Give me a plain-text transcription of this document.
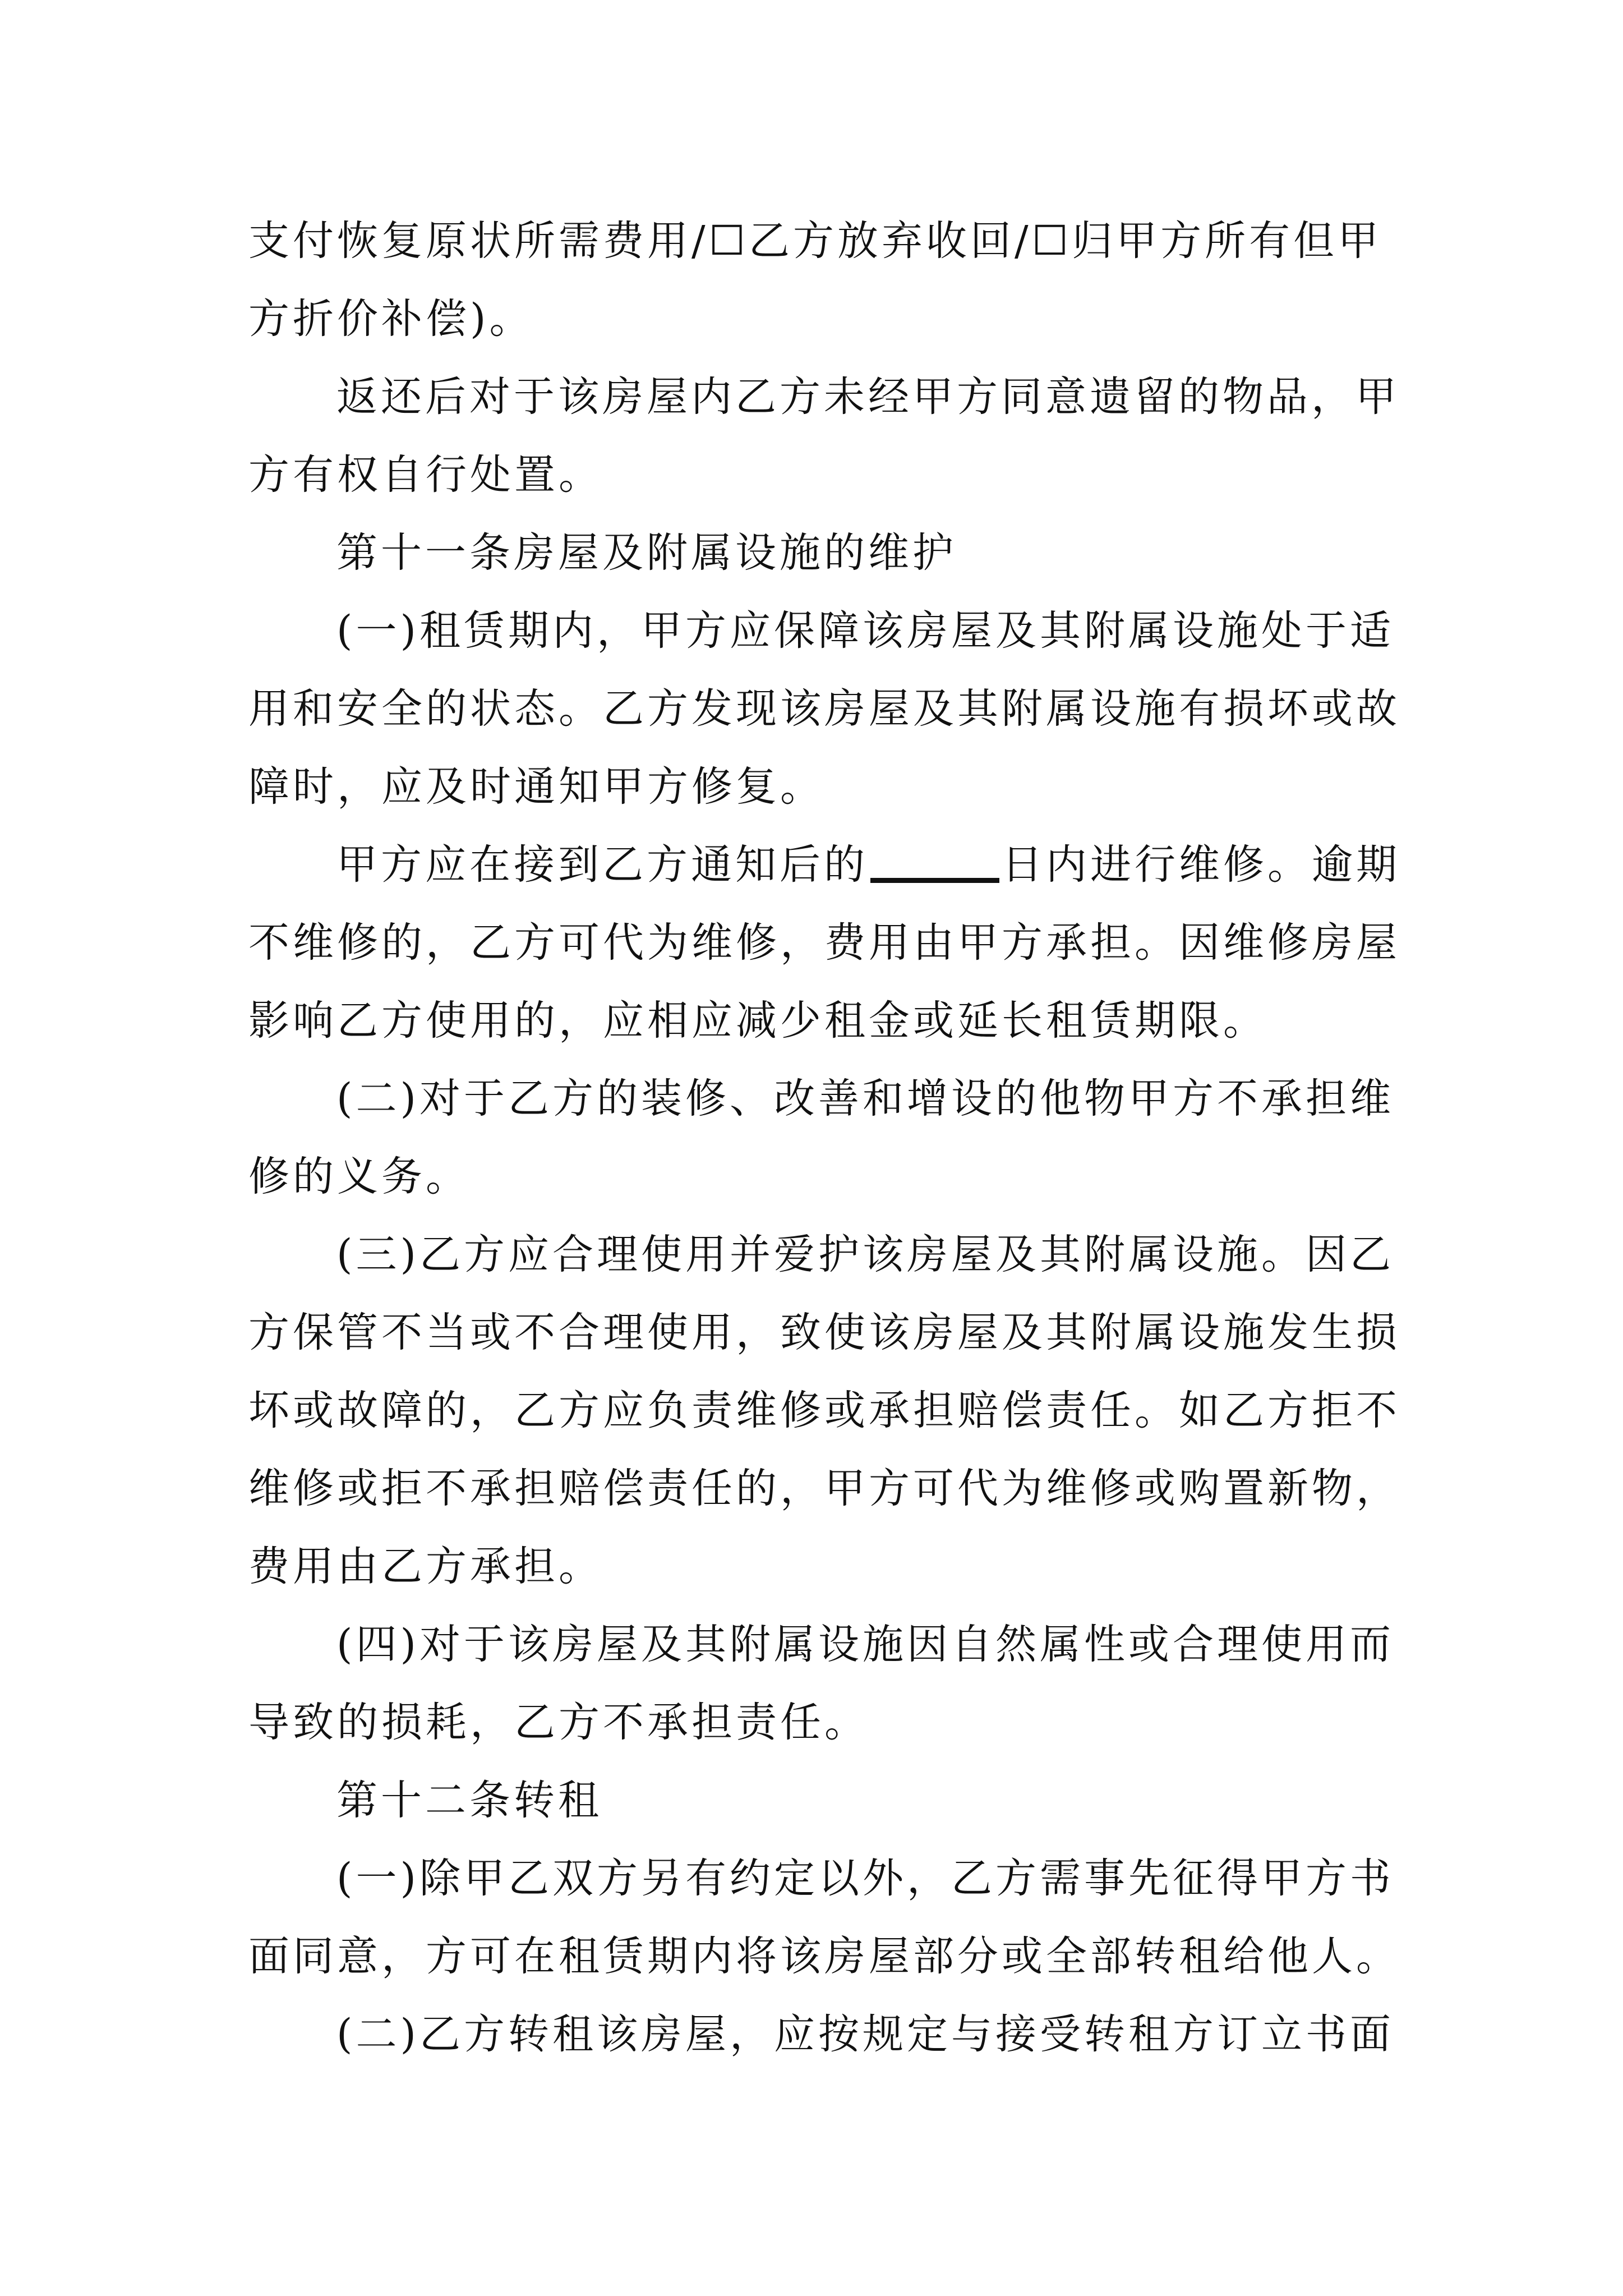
支付恢复原状所需费用/☐乙方放弃收回/☐归甲方所有但甲
方折价补偿)。
返还后对于该房屋内乙方未经甲方同意遗留的物品，甲
方有权自行处置。
第十一条房屋及附属设施的维护
(一)租赁期内，甲方应保障该房屋及其附属设施处于适
用和安全的状态。乙方发现该房屋及其附属设施有损坏或故
障时，应及时通知甲方修复。
甲方应在接到乙方通知后的	日内进行维修。逾期
不维修的，乙方可代为维修，费用由甲方承担。因维修房屋
影响乙方使用的，应相应减少租金或延长租赁期限。
(二)对于乙方的装修、改善和增设的他物甲方不承担维
修的义务。
(三)乙方应合理使用并爱护该房屋及其附属设施。因乙
方保管不当或不合理使用，致使该房屋及其附属设施发生损
坏或故障的，乙方应负责维修或承担赔偿责任。如乙方拒不
维修或拒不承担赔偿责任的，甲方可代为维修或购置新物，
费用由乙方承担。
(四)对于该房屋及其附属设施因自然属性或合理使用而
导致的损耗，乙方不承担责任。
第十二条转租
(一)除甲乙双方另有约定以外，乙方需事先征得甲方书
面同意，方可在租赁期内将该房屋部分或全部转租给他人。
(二)乙方转租该房屋，应按规定与接受转租方订立书面
